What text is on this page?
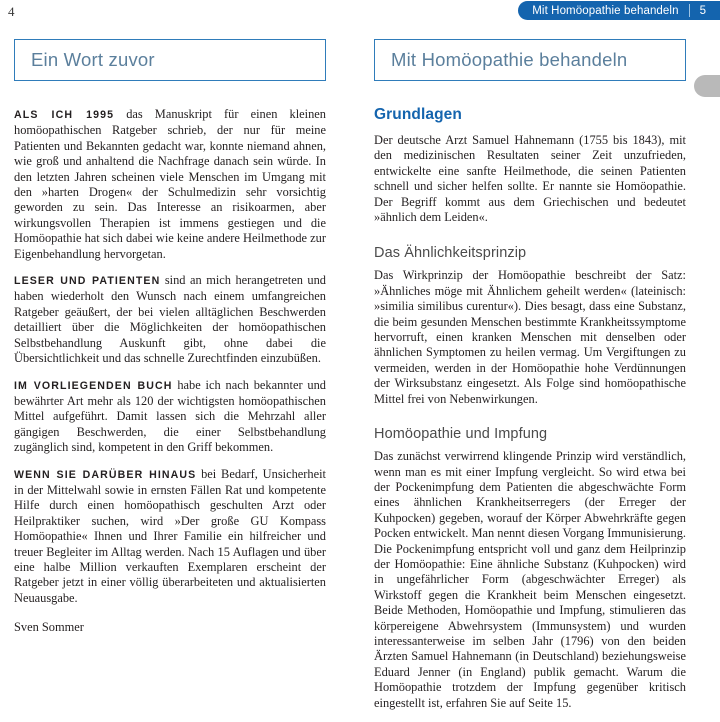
4	Mit Homöopathie behandeln 5
Ein Wort zuvor

ALS ICH 1995 das Manuskript für einen kleinen homöopathischen Ratgeber schrieb, der nur für meine Patienten und Bekannten gedacht war, konnte niemand ahnen, wie groß und anhaltend die Nachfrage danach sein würde. In den letzten Jahren scheinen viele Menschen im Umgang mit den »harten Drogen« der Schulmedizin sehr vorsichtig geworden zu sein. Das Interesse an risikoarmen, aber wirkungsvollen Therapien ist immens gestiegen und die Homöopathie hat sich dabei wie keine andere Heilmethode zur Eigenbehandlung hervorgetan.

LESER UND PATIENTEN sind an mich herangetreten und haben wiederholt den Wunsch nach einem umfangreichen Ratgeber geäußert, der bei vielen alltäglichen Beschwerden detailliert über die Möglichkeiten der homöopathischen Selbstbehandlung Auskunft gibt, ohne dabei die Übersichtlichkeit und das schnelle Zurechtfinden einzubüßen.

IM VORLIEGENDEN BUCH habe ich nach bekannter und bewährter Art mehr als 120 der wichtigsten homöopathischen Mittel aufgeführt. Damit lassen sich die Mehrzahl aller gängigen Beschwerden, die einer Selbstbehandlung zugänglich sind, kompetent in den Griff bekommen.

WENN SIE DARÜBER HINAUS bei Bedarf, Unsicherheit in der Mittelwahl sowie in ernsten Fällen Rat und kompetente Hilfe durch einen homöopathisch geschulten Arzt oder Heilpraktiker suchen, wird »Der große GU Kompass Homöopathie« Ihnen und Ihrer Familie ein hilfreicher und treuer Begleiter im Alltag werden. Nach 15 Auflagen und über eine halbe Million verkauften Exemplaren erscheint der Ratgeber jetzt in einer völlig überarbeiteten und aktualisierten Neuausgabe.

Sven Sommer
Mit Homöopathie behandeln
Grundlagen

Der deutsche Arzt Samuel Hahnemann (1755 bis 1843), mit den medizinischen Resultaten seiner Zeit unzufrieden, entwickelte eine sanfte Heilmethode, die seinen Patienten schnell und sicher helfen sollte. Er nannte sie Homöopathie. Der Begriff kommt aus dem Griechischen und bedeutet »ähnlich dem Leiden«.

Das Ähnlichkeitsprinzip

Das Wirkprinzip der Homöopathie beschreibt der Satz: »Ähnliches möge mit Ähnlichem geheilt werden« (lateinisch: »similia similibus curentur«). Dies besagt, dass eine Substanz, die beim gesunden Menschen bestimmte Krankheitssymptome hervorruft, einen kranken Menschen mit denselben oder ähnlichen Symptomen zu heilen vermag. Um Vergiftungen zu vermeiden, werden in der Homöopathie hohe Verdünnungen der Wirksubstanz eingesetzt. Als Folge sind homöopathische Mittel frei von Nebenwirkungen.

Homöopathie und Impfung

Das zunächst verwirrend klingende Prinzip wird verständlich, wenn man es mit einer Impfung vergleicht. So wird etwa bei der Pockenimpfung dem Patienten die abgeschwächte Form eines ähnlichen Krankheitserregers (der Erreger der Kuhpocken) gegeben, worauf der Körper Abwehrkräfte gegen Pocken entwickelt. Man nennt diesen Vorgang Immunisierung. Die Pockenimpfung entspricht voll und ganz dem Heilprinzip der Homöopathie: Eine ähnliche Substanz (Kuhpocken) wird in ungefährlicher Form (abgeschwächter Erreger) als Wirkstoff gegen die Krankheit beim Menschen eingesetzt. Beide Methoden, Homöopathie und Impfung, stimulieren das körpereigene Abwehrsystem (Immunsystem) und wurden interessanterweise im selben Jahr (1796) von den beiden Ärzten Samuel Hahnemann (in Deutschland) beziehungsweise Eduard Jenner (in England) publik gemacht. Warum die Homöopathie trotzdem der Impfung gegenüber kritisch eingestellt ist, erfahren Sie auf Seite 15.
